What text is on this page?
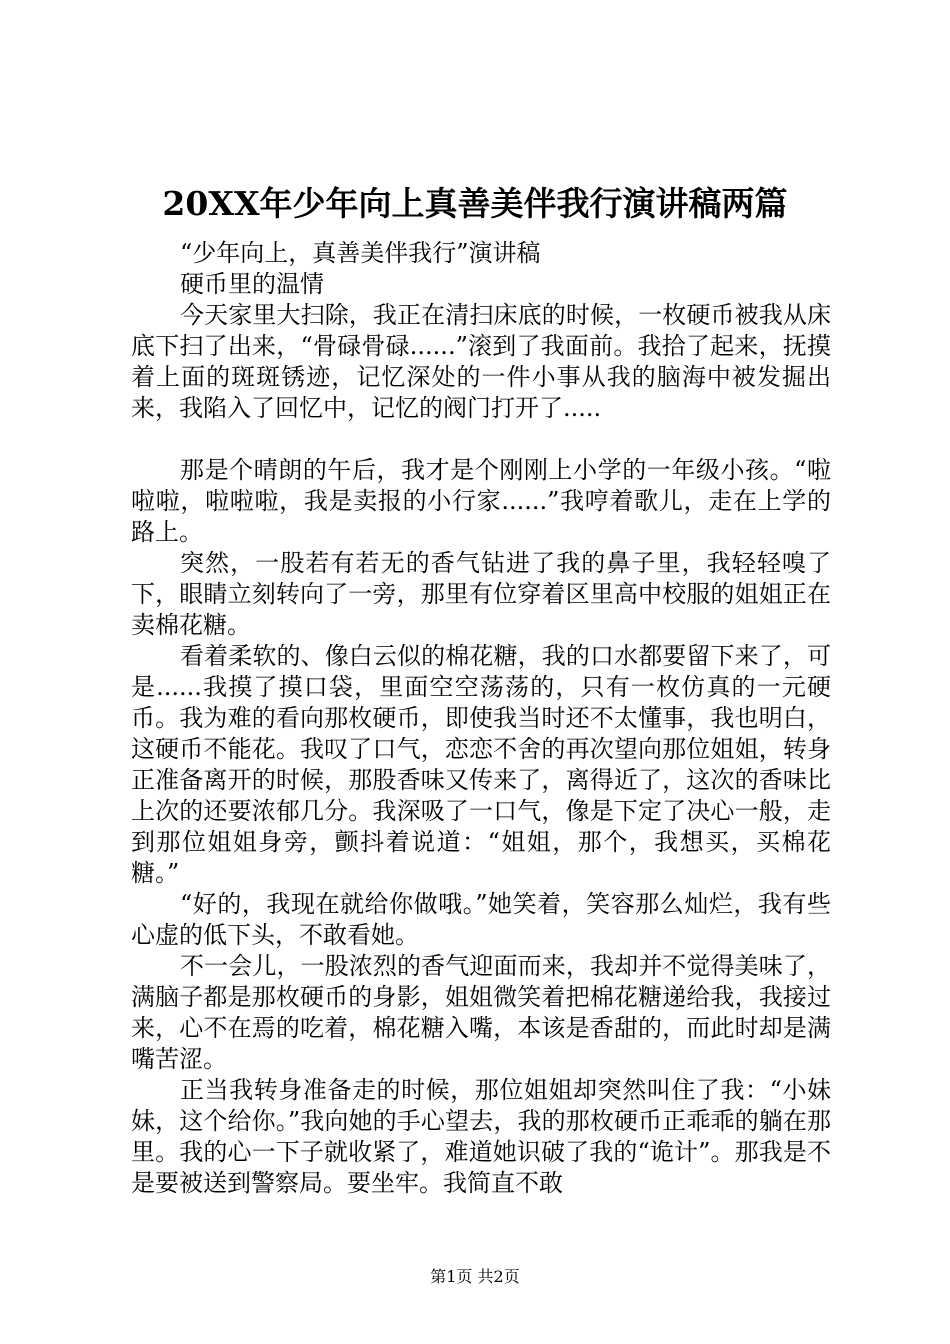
20XX年少年向上真善美伴我行演讲稿两篇

“少年向上，真善美伴我行”演讲稿

硬币里的温情

今天家里大扫除，我正在清扫床底的时候，一枚硬币被我从床底下扫了出来，“骨碌骨碌......”滚到了我面前。我拾了起来，抚摸着上面的斑斑锈迹，记忆深处的一件小事从我的脑海中被发掘出来，我陷入了回忆中，记忆的阀门打开了.....

那是个晴朗的午后，我才是个刚刚上小学的一年级小孩。“啦啦啦，啦啦啦，我是卖报的小行家......”我哼着歌儿，走在上学的路上。

突然，一股若有若无的香气钻进了我的鼻子里，我轻轻嗅了下，眼睛立刻转向了一旁，那里有位穿着区里高中校服的姐姐正在卖棉花糖。

看着柔软的、像白云似的棉花糖，我的口水都要留下来了，可是......我摸了摸口袋，里面空空荡荡的，只有一枚仿真的一元硬币。我为难的看向那枚硬币，即使我当时还不太懂事，我也明白，这硬币不能花。我叹了口气，恋恋不舍的再次望向那位姐姐，转身正准备离开的时候，那股香味又传来了，离得近了，这次的香味比上次的还要浓郁几分。我深吸了一口气，像是下定了决心一般，走到那位姐姐身旁，颤抖着说道：“姐姐，那个，我想买，买棉花糖。”

“好的，我现在就给你做哦。”她笑着，笑容那么灿烂，我有些心虚的低下头，不敢看她。

不一会儿，一股浓烈的香气迎面而来，我却并不觉得美味了，满脑子都是那枚硬币的身影，姐姐微笑着把棉花糖递给我，我接过来，心不在焉的吃着，棉花糖入嘴，本该是香甜的，而此时却是满嘴苦涩。

正当我转身准备走的时候，那位姐姐却突然叫住了我：“小妹妹，这个给你。”我向她的手心望去，我的那枚硬币正乖乖的躺在那里。我的心一下子就收紧了，难道她识破了我的“诡计”。那我是不是要被送到警察局。要坐牢。我简直不敢

第1页 共2页
